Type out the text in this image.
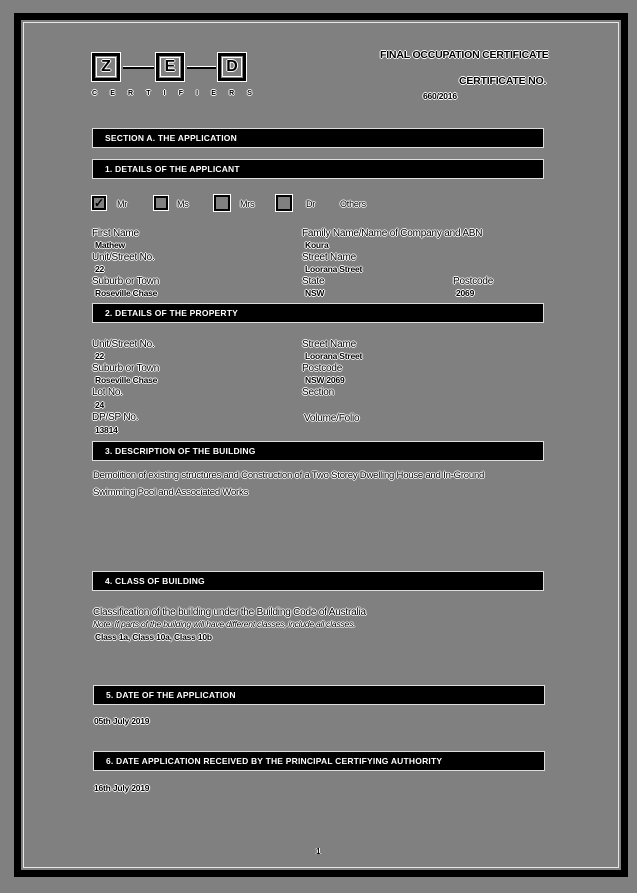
Z	E	D
C E R T I F I E R S
FINAL OCCUPATION CERTIFICATE
CERTIFICATE NO.
660/2016
SECTION A. THE APPLICATION
1. DETAILS OF THE APPLICANT
✓ Mr	Ms	Mrs	Dr	Others
First Name
Mathew
Family Name/Name of Company and ABN
Koura
Unit/Street No.
22
Street Name
Loorana Street
Suburb or Town
Roseville Chase
State
NSW
Postcode
2069
2. DETAILS OF THE PROPERTY
Unit/Street No.
22
Street Name
Loorana Street
Suburb or Town
Roseville Chase
Postcode
NSW 2069
Lot No.
24
Section
DP/SP No.
13814
Volume/Folio
3. DESCRIPTION OF THE BUILDING
Demolition of existing structures and Construction of a Two Storey Dwelling House and In-Ground
Swimming Pool and Associated Works
4. CLASS OF BUILDING
Classification of the building under the Building Code of Australia
Note: If parts of the building will have different classes, include all classes.
Class 1a, Class 10a, Class 10b
5. DATE OF THE APPLICATION
05th July 2019
6. DATE APPLICATION RECEIVED BY THE PRINCIPAL CERTIFYING AUTHORITY
16th July 2019
1
